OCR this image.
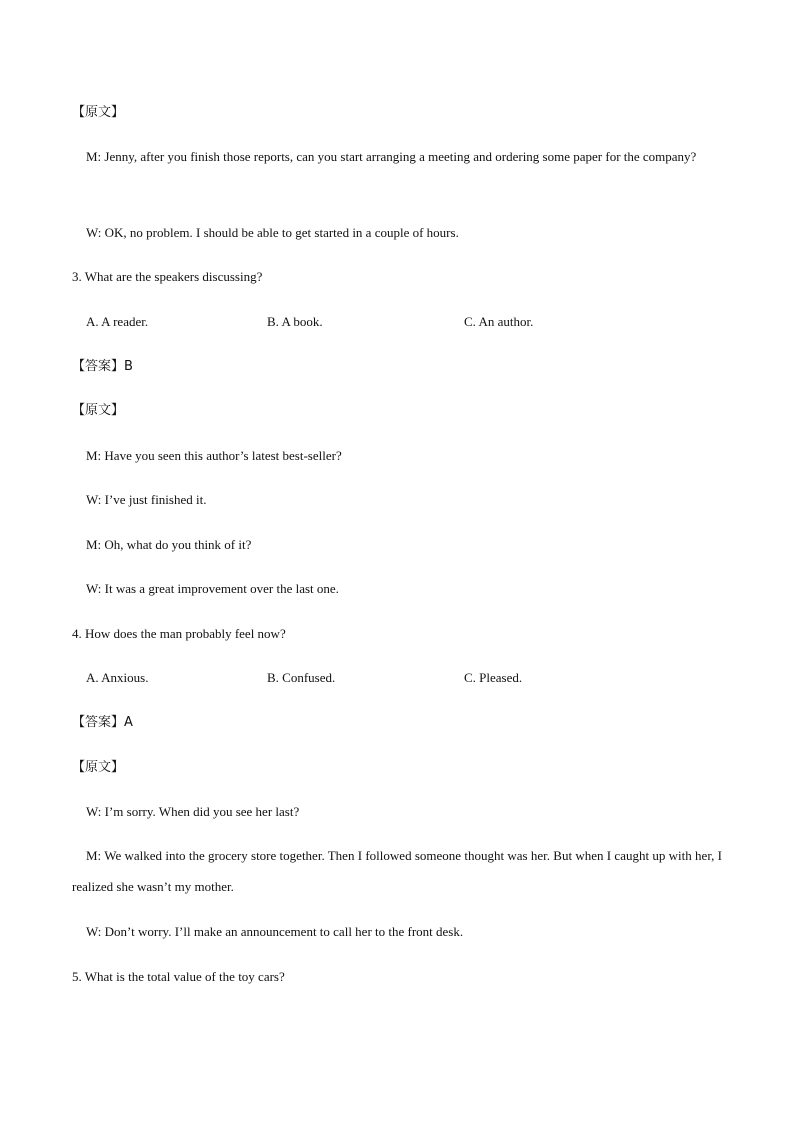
【原文】
M: Jenny, after you finish those reports, can you start arranging a meeting and ordering some paper for the company?
W: OK, no problem. I should be able to get started in a couple of hours.
3. What are the speakers discussing?
A. A reader.	B. A book.	C. An author.
【答案】B
【原文】
M: Have you seen this author’s latest best-seller?
W: I’ve just finished it.
M: Oh, what do you think of it?
W: It was a great improvement over the last one.
4. How does the man probably feel now?
A. Anxious.	B. Confused.	C. Pleased.
【答案】A
【原文】
W: I’m sorry. When did you see her last?
M: We walked into the grocery store together. Then I followed someone thought was her. But when I caught up with her, I realized she wasn’t my mother.
W: Don’t worry. I’ll make an announcement to call her to the front desk.
5. What is the total value of the toy cars?
